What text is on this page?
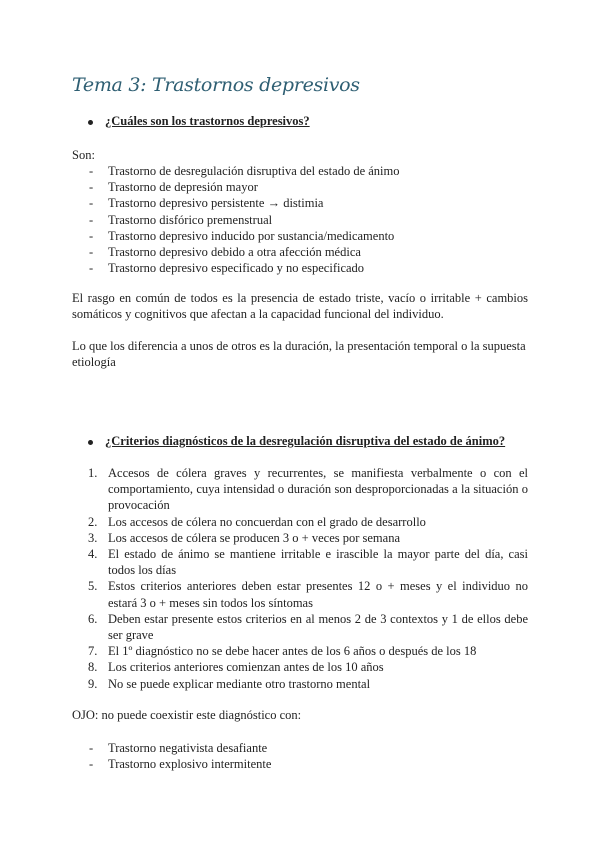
Tema 3: Trastornos depresivos
¿Cuáles son los trastornos depresivos?
Son:
- Trastorno de desregulación disruptiva del estado de ánimo
- Trastorno de depresión mayor
- Trastorno depresivo persistente → distimia
- Trastorno disfórico premenstrual
- Trastorno depresivo inducido por sustancia/medicamento
- Trastorno depresivo debido a otra afección médica
- Trastorno depresivo especificado y no especificado
El rasgo en común de todos es la presencia de estado triste, vacío o irritable + cambios somáticos y cognitivos que afectan a la capacidad funcional del individuo.
Lo que los diferencia a unos de otros es la duración, la presentación temporal o la supuesta etiología
¿Criterios diagnósticos de la desregulación disruptiva del estado de ánimo?
1. Accesos de cólera graves y recurrentes, se manifiesta verbalmente o con el comportamiento, cuya intensidad o duración son desproporcionadas a la situación o provocación
2. Los accesos de cólera no concuerdan con el grado de desarrollo
3. Los accesos de cólera se producen 3 o + veces por semana
4. El estado de ánimo se mantiene irritable e irascible la mayor parte del día, casi todos los días
5. Estos criterios anteriores deben estar presentes 12 o + meses y el individuo no estará 3 o + meses sin todos los síntomas
6. Deben estar presente estos criterios en al menos 2 de 3 contextos y 1 de ellos debe ser grave
7. El 1º diagnóstico no se debe hacer antes de los 6 años o después de los 18
8. Los criterios anteriores comienzan antes de los 10 años
9. No se puede explicar mediante otro trastorno mental
OJO: no puede coexistir este diagnóstico con:
- Trastorno negativista desafiante
- Trastorno explosivo intermitente
